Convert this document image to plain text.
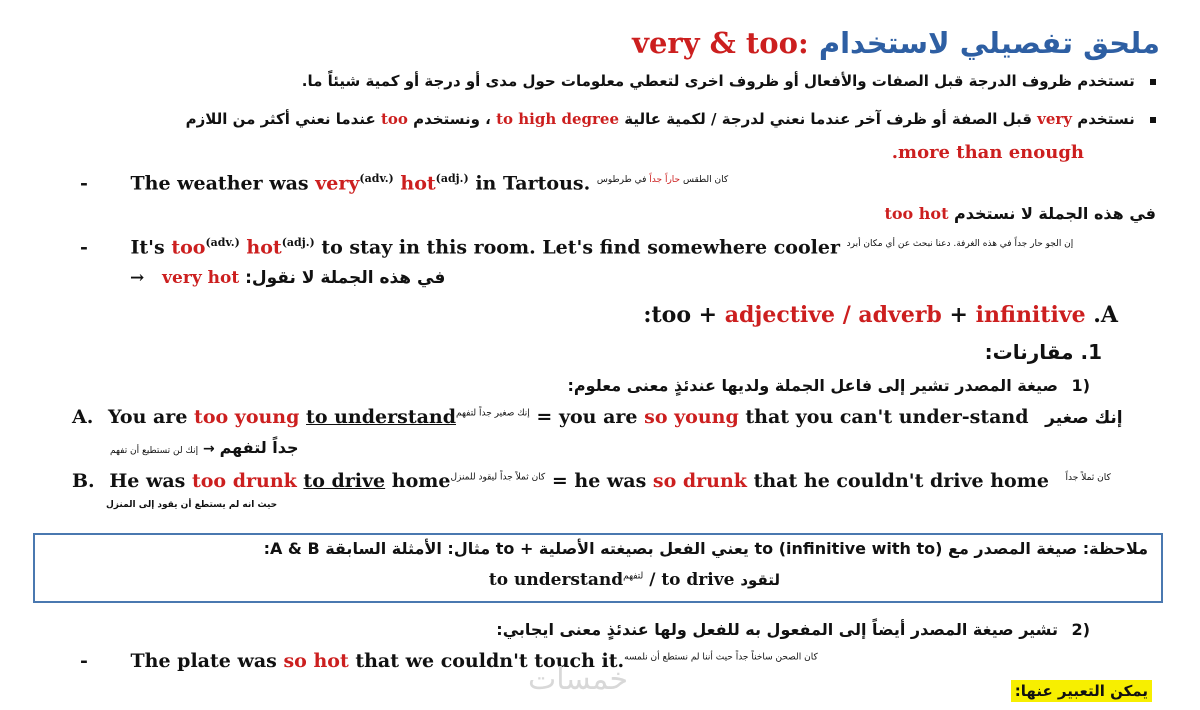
ملحق تفصيلي لاستخدام very & too:
تستخدم ظروف الدرجة قبل الصفات والأفعال أو ظروف اخرى لتعطي معلومات حول مدى أو درجة أو كمية شيئاً ما.
نستخدم very قبل الصفة أو ظرف آخر عندما نعني لدرجة / لكمية عالية to high degree ، ونستخدم too عندما نعني أكثر من اللازم
.more than enough
- The weather was very$^{(adv.)}$ hot$^{(adj.)}$ in Tartous.	$^{كان الطقس حاراً جداً في طرطوس}$
في هذه الجملة لا نستخدم too hot
- It's too$^{(adv.)}$ hot$^{(adj.)}$ to stay in this room. Let's find somewhere cooler $^{إن الجو حار جداً في هذه الغرفة. دعنا نبحث عن أي مكان أبرد}$
→ very hot في هذه الجملة لا نقول:
:too + adjective / adverb + infinitive .A
1. مقارنات:
(1 صيغة المصدر تشير إلى فاعل الجملة ولديها عندئذٍ معنى معلوم:
A. You are too young to understand$^{إنك صغير جداً لتفهم}$ = you are so young that you can't under-stand إنك صغير
جداً لتفهم → إنك لن تستطيع أن تفهم
B. He was too drunk to drive home$^{كان ثملاً جداً ليقود للمنزل}$ = he was so drunk that he couldn't drive home $^{كان ثملاً جداً}$
حيث انه لم يستطع أن يقود إلى المنزل
ملاحظة: صيغة المصدر مع to (infinitive with to) يعني الفعل بصيغته الأصلية + to مثال: الأمثلة السابقة A & B:
to understand$^{لتفهم}$ / to drive لتقود
(2 تشير صيغة المصدر أيضاً إلى المفعول به للفعل ولها عندئذٍ معنى ايجابي:
- The plate was so hot that we couldn't touch it.$^{كان الصحن ساخناً جداً حيث أننا لم نستطع أن نلمسه}$
خمسات	يمكن التعبير عنها:
